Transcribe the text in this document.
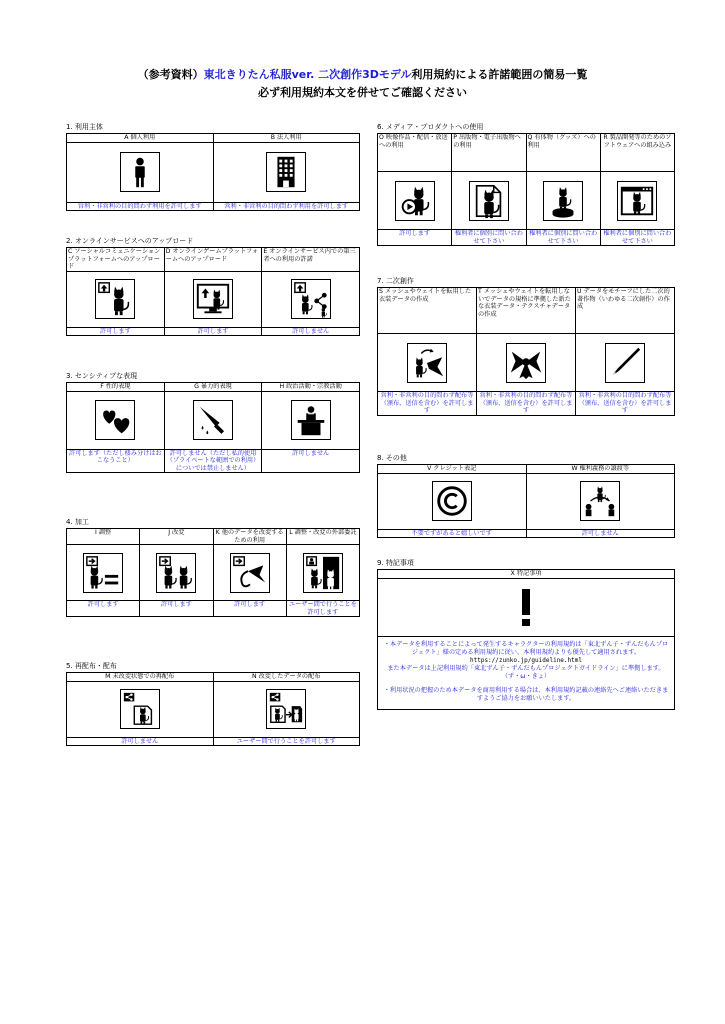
（参考資料）東北きりたん私服ver. 二次創作3Dモデル利用規約による許諾範囲の簡易一覧
必ず利用規約本文を併せてご確認ください
1. 利用主体
A 個人利用	B 法人利用

営利・非営利の目的問わず利用を許可します	営利・非営利の目的問わず利用を許可します
2. オンラインサービスへのアップロード
C ソーシャルコミュニケーションプラットフォームへのアップロード	D オンラインゲームプラットフォームへのアップロード	E オンラインサービス内での第三者への利用の許諾

許可します	許可します	許可しません
3. センシティブな表現
F 性的表現	G 暴力的表現	H 政治活動・宗教活動

許可します（ただし棲み分けはおこなうこと）	許可しません（ただし私的使用（プライベートな範囲での利用）についでは禁止しません）	許可しません
4. 加工
I 調整	J 改変	K 他のデータを改変するための利用	L 調整・改変の外部委託

許可します	許可します	許可します	ユーザー間で行うことを許可します
5. 再配布・配布
M 未改変状態での再配布	N 改変したデータの配布

許可しません	ユーザー間で行うことを許可します
6. メディア・プロダクトへの使用
O 映像作品・配信・放送への利用	P 出版物・電子出版物への利用	Q 有体物（グッズ）への利用	R 製品開発等のためのソフトウェアへの組み込み

許可します	権利者に個別に問い合わせて下さい	権利者に個別に問い合わせて下さい	権利者に個別に問い合わせて下さい
7. 二次創作
S メッシュやウェイトを転用した衣装データの作成	T メッシュやウェイトを転用しないでデータの規格に準拠した新たな衣装データ・テクスチャデータの作成	U データをモチーフにした二次的著作物（いわゆる二次創作）の作成

営利・非営利の目的問わず配布等（頒布、送信を含む）を許可します	営利・非営利の目的問わず配布等（頒布、送信を含む）を許可します	営利・非営利の目的問わず配布等（頒布、送信を含む）を許可します
8. その他
V クレジット表記	W 権利義務の譲渡等

不要ですがあると嬉しいです	許可しません
9. 特記事項
X 特記事項

・本データを利用することによって発生するキャラクターの利用規約は「東北ずん子・ずんだもんプロジェクト」様の定める利用規約に従い、本利用規約よりも優先して適用されます。
https://zunko.jp/guideline.html
また本データは上記利用規約「東北ずん子・ずんだもんプロジェクトガイドライン」に準拠します。
（ず・ω・きょ）
・利用状況の把握のため本データを商用利用する場合は、本利用規約記載の連絡先へご連絡いただきますようご協力をお願いいたします。
